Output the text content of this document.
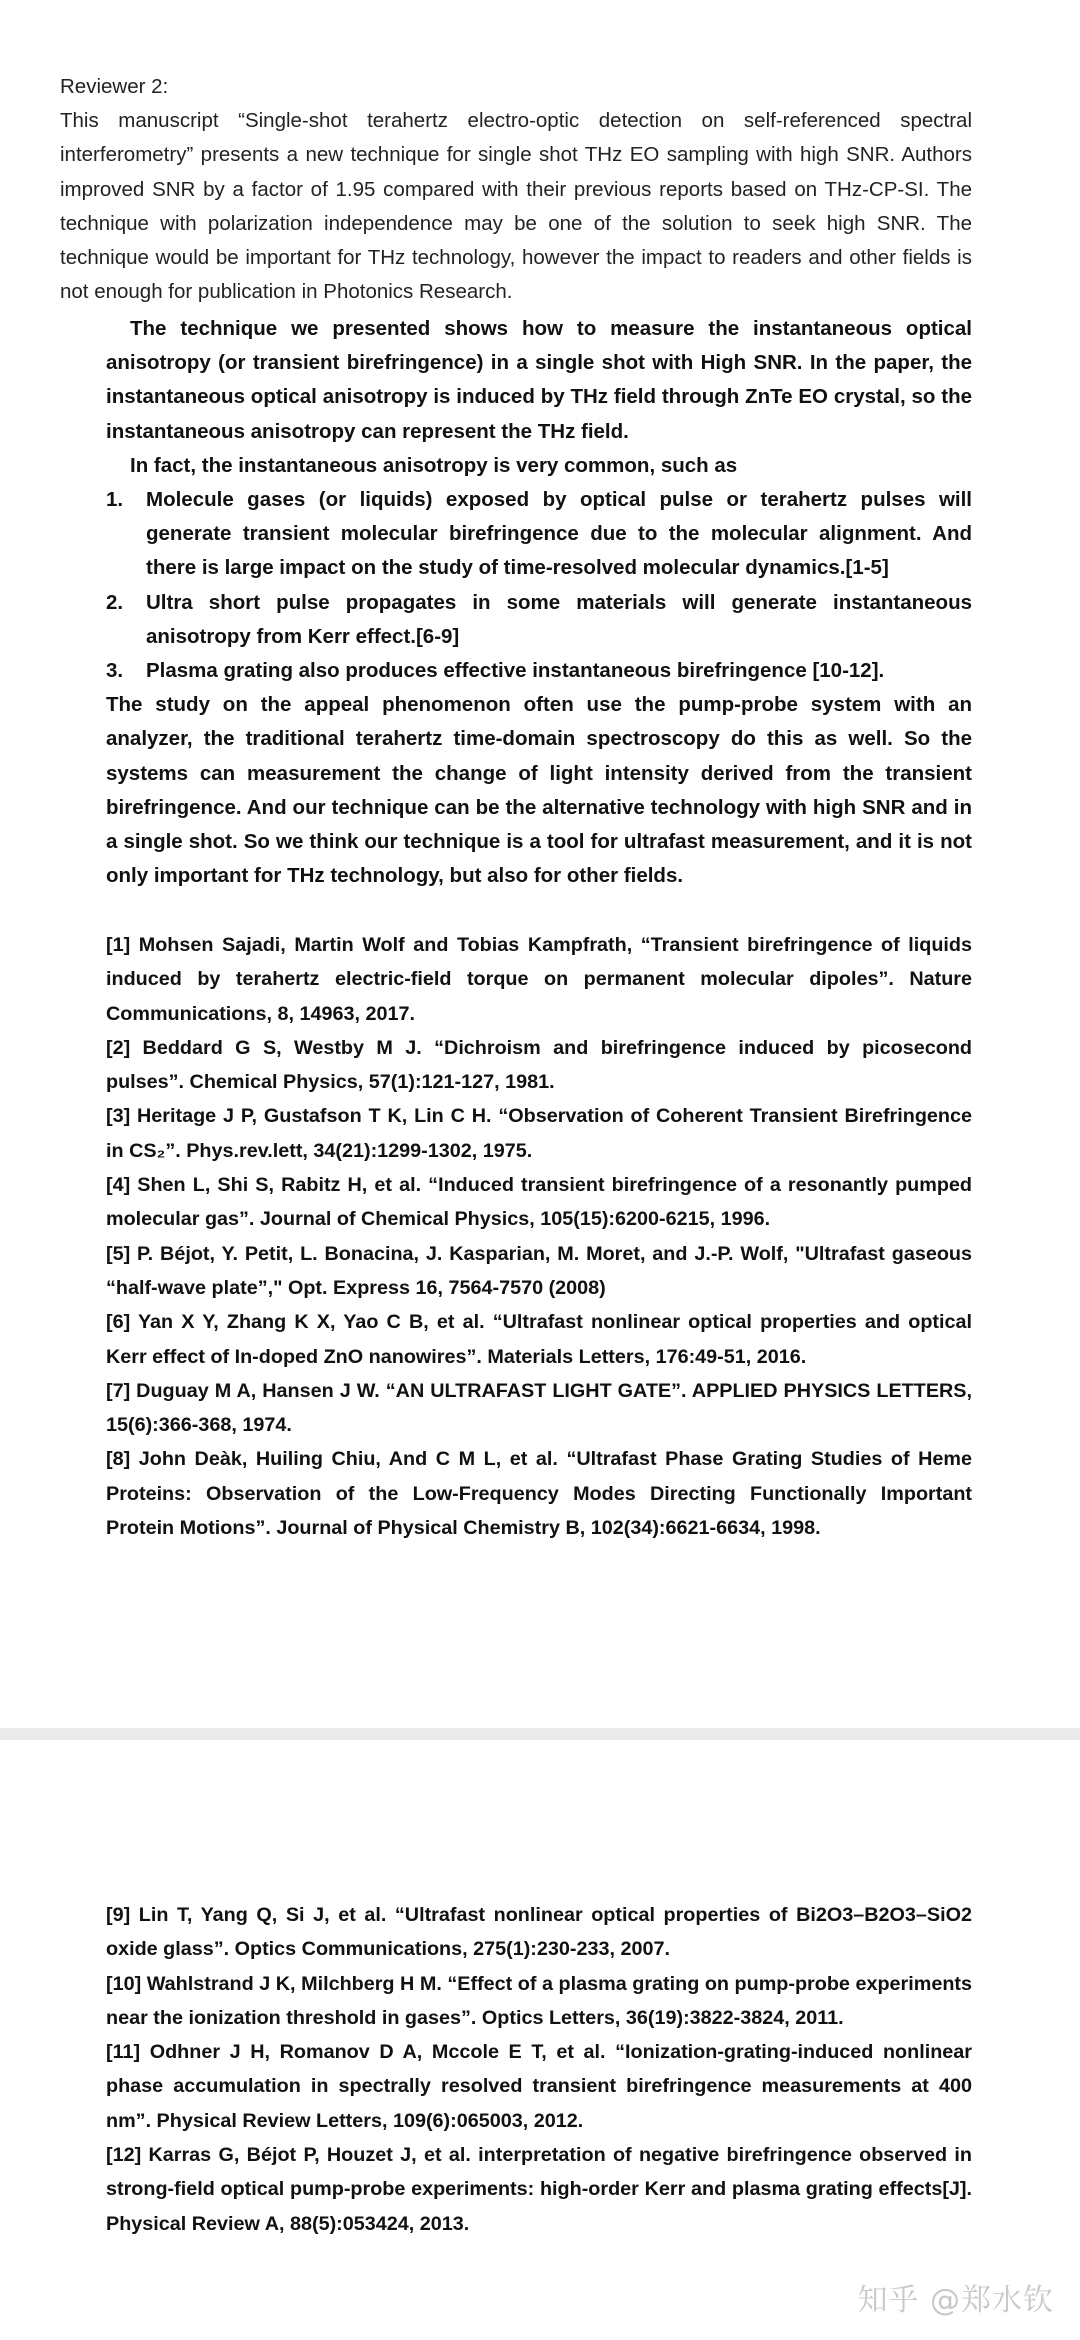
Reviewer 2:

This manuscript “Single-shot terahertz electro-optic detection on self-referenced spectral interferometry” presents a new technique for single shot THz EO sampling with high SNR. Authors improved SNR by a factor of 1.95 compared with their previous reports based on THz-CP-SI. The technique with polarization independence may be one of the solution to seek high SNR. The technique would be important for THz technology, however the impact to readers and other fields is not enough for publication in Photonics Research.

The technique we presented shows how to measure the instantaneous optical anisotropy (or transient birefringence) in a single shot with High SNR. In the paper, the instantaneous optical anisotropy is induced by THz field through ZnTe EO crystal, so the instantaneous anisotropy can represent the THz field.

In fact, the instantaneous anisotropy is very common, such as

1. Molecule gases (or liquids) exposed by optical pulse or terahertz pulses will generate transient molecular birefringence due to the molecular alignment. And there is large impact on the study of time-resolved molecular dynamics.[1-5]
2. Ultra short pulse propagates in some materials will generate instantaneous anisotropy from Kerr effect.[6-9]
3. Plasma grating also produces effective instantaneous birefringence [10-12].

The study on the appeal phenomenon often use the pump-probe system with an analyzer, the traditional terahertz time-domain spectroscopy do this as well. So the systems can measurement the change of light intensity derived from the transient birefringence. And our technique can be the alternative technology with high SNR and in a single shot. So we think our technique is a tool for ultrafast measurement, and it is not only important for THz technology, but also for other fields.

[1] Mohsen Sajadi, Martin Wolf and Tobias Kampfrath, “Transient birefringence of liquids induced by terahertz electric-field torque on permanent molecular dipoles”. Nature Communications, 8, 14963, 2017.

[2] Beddard G S, Westby M J. “Dichroism and birefringence induced by picosecond pulses”. Chemical Physics, 57(1):121-127, 1981.

[3] Heritage J P, Gustafson T K, Lin C H. “Observation of Coherent Transient Birefringence in CS₂”. Phys.rev.lett, 34(21):1299-1302, 1975.

[4] Shen L, Shi S, Rabitz H, et al. “Induced transient birefringence of a resonantly pumped molecular gas”. Journal of Chemical Physics, 105(15):6200-6215, 1996.

[5] P. Béjot, Y. Petit, L. Bonacina, J. Kasparian, M. Moret, and J.-P. Wolf, "Ultrafast gaseous “half-wave plate”," Opt. Express 16, 7564-7570 (2008)

[6] Yan X Y, Zhang K X, Yao C B, et al. “Ultrafast nonlinear optical properties and optical Kerr effect of In-doped ZnO nanowires”. Materials Letters, 176:49-51, 2016.

[7] Duguay M A, Hansen J W. “AN ULTRAFAST LIGHT GATE”. APPLIED PHYSICS LETTERS, 15(6):366-368, 1974.

[8] John Deàk, Huiling Chiu, And C M L, et al. “Ultrafast Phase Grating Studies of Heme Proteins: Observation of the Low-Frequency Modes Directing Functionally Important Protein Motions”. Journal of Physical Chemistry B, 102(34):6621-6634, 1998.

[9] Lin T, Yang Q, Si J, et al. “Ultrafast nonlinear optical properties of Bi2O3–B2O3–SiO2 oxide glass”. Optics Communications, 275(1):230-233, 2007.

[10] Wahlstrand J K, Milchberg H M. “Effect of a plasma grating on pump-probe experiments near the ionization threshold in gases”. Optics Letters, 36(19):3822-3824, 2011.

[11] Odhner J H, Romanov D A, Mccole E T, et al. “Ionization-grating-induced nonlinear phase accumulation in spectrally resolved transient birefringence measurements at 400 nm”. Physical Review Letters, 109(6):065003, 2012.

[12] Karras G, Béjot P, Houzet J, et al. interpretation of negative birefringence observed in strong-field optical pump-probe experiments: high-order Kerr and plasma grating effects[J]. Physical Review A, 88(5):053424, 2013.

知乎 @郑水钦
